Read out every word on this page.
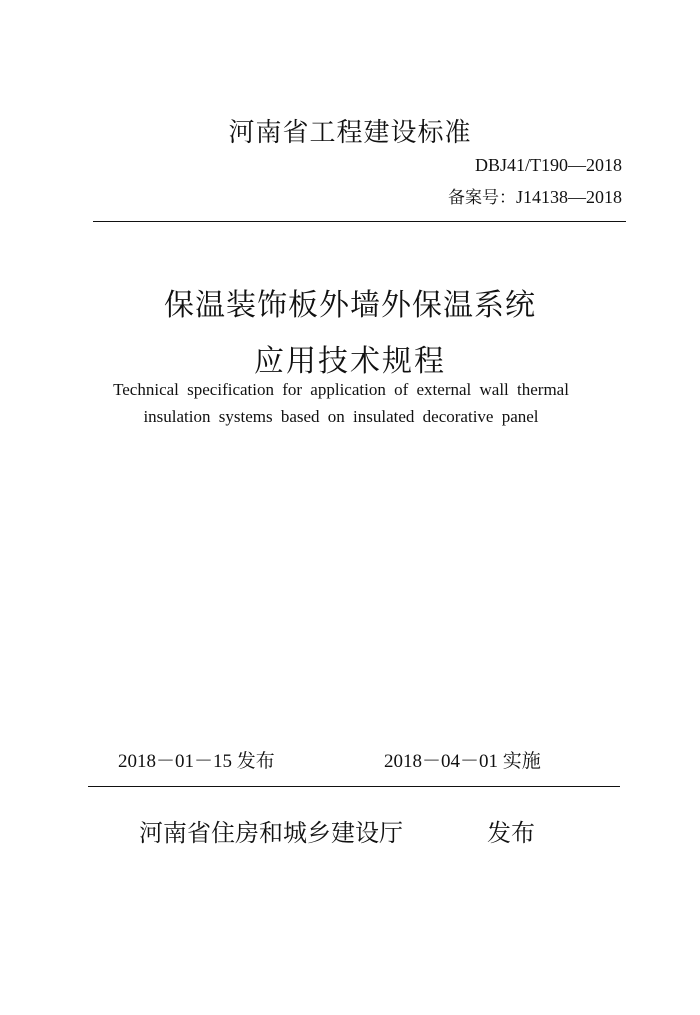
河南省工程建设标准
DBJ41/T190—2018
备案号：J14138—2018
保温装饰板外墙外保温系统
应用技术规程
Technical specification for application of external wall thermal
insulation systems based on insulated decorative panel
2018－01－15 发布	2018－04－01 实施
河南省住房和城乡建设厅	发布
